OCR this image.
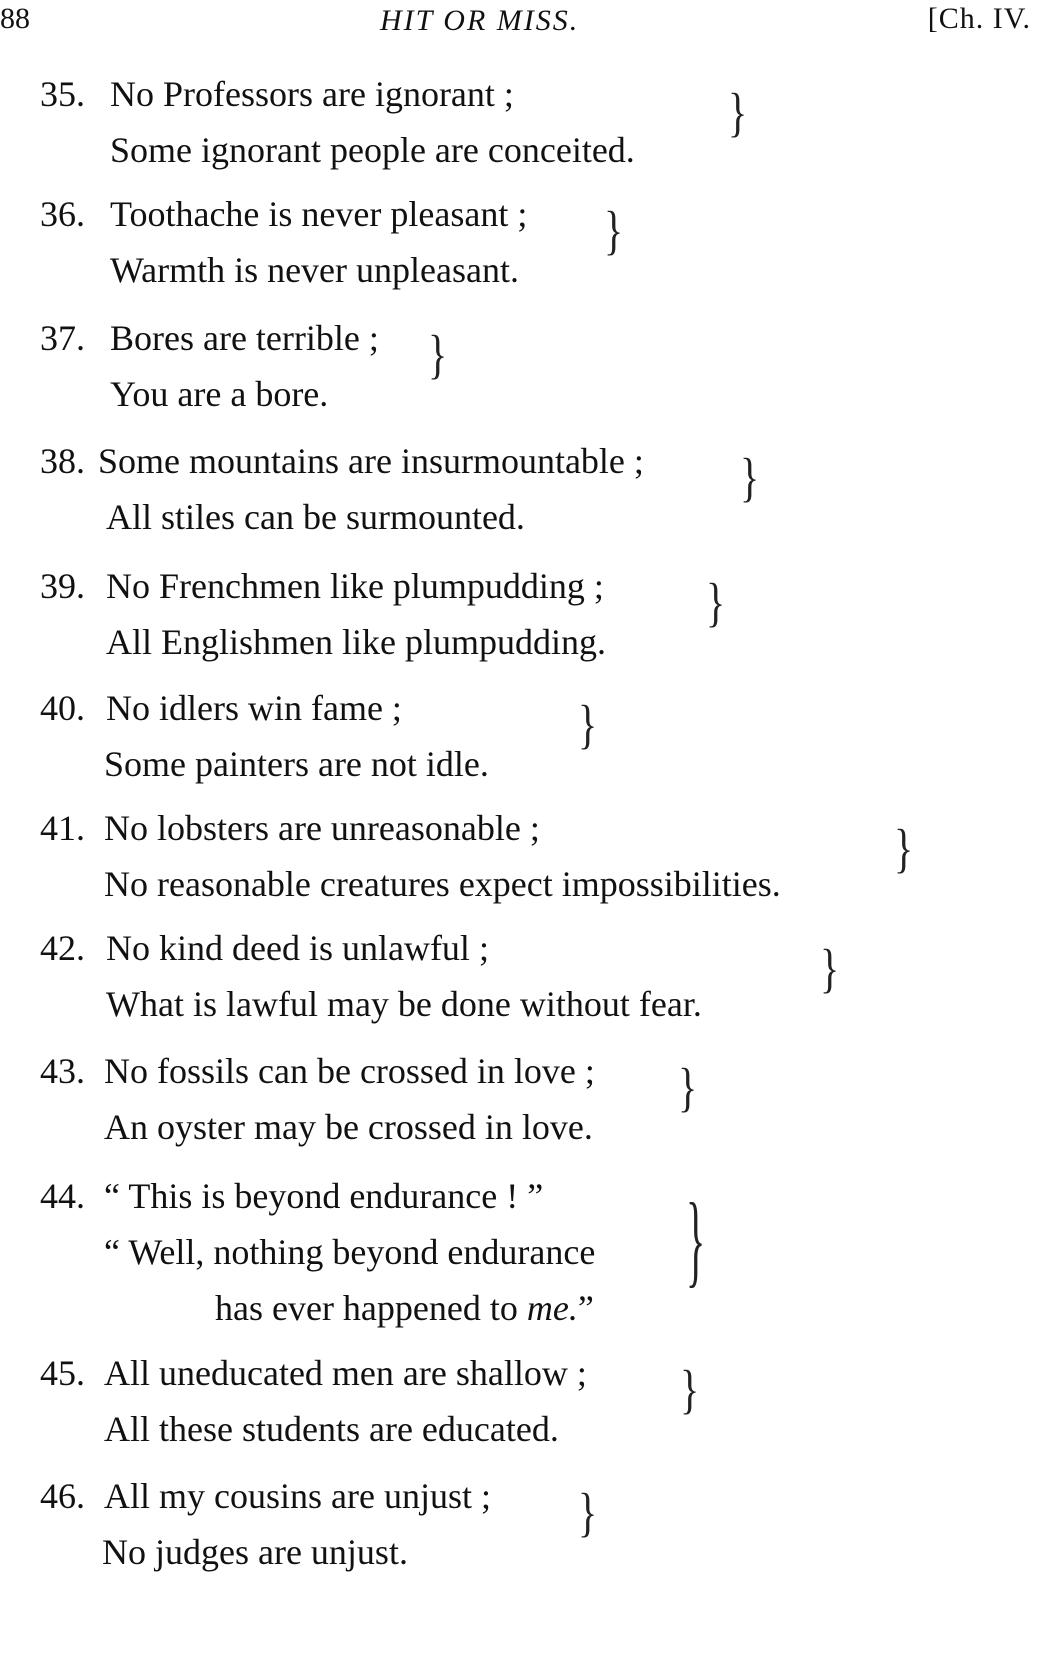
88	HIT OR MISS.	[Ch. IV.
35. No Professors are ignorant ;
Some ignorant people are conceited.
}
36. Toothache is never pleasant ;
Warmth is never unpleasant.
}
37. Bores are terrible ;
You are a bore.
}
38. Some mountains are insurmountable ;
All stiles can be surmounted.
}
39. No Frenchmen like plumpudding ;
All Englishmen like plumpudding.
}
40. No idlers win fame ;
Some painters are not idle.
}
41. No lobsters are unreasonable ;
No reasonable creatures expect impossibilities.
}
42. No kind deed is unlawful ;
What is lawful may be done without fear.
}
43. No fossils can be crossed in love ;
An oyster may be crossed in love.
}
44. “ This is beyond endurance ! ”
“ Well, nothing beyond endurance
has ever happened to me.”
}
45. All uneducated men are shallow ;
All these students are educated.
}
46. All my cousins are unjust ;
No judges are unjust.
}
